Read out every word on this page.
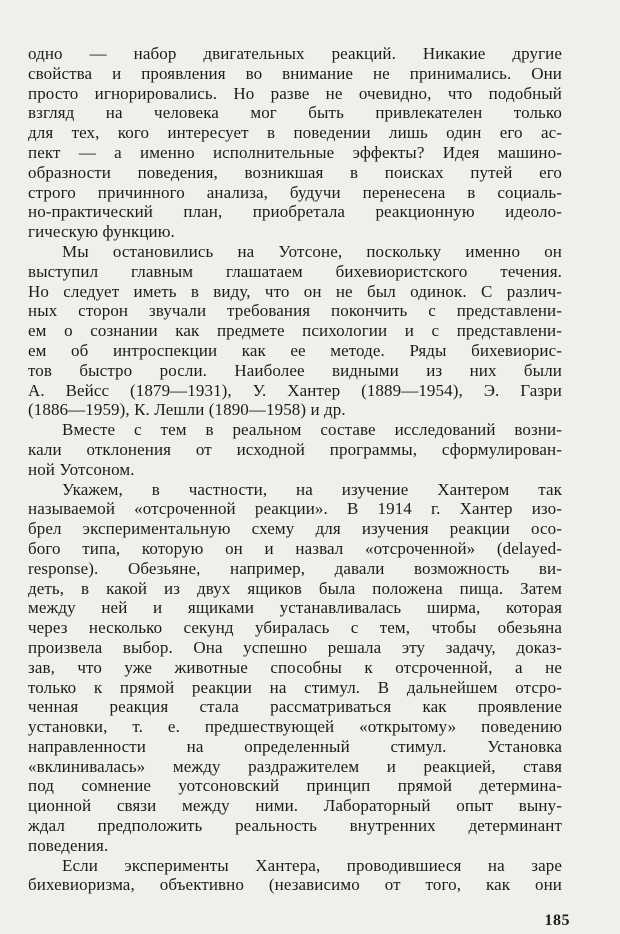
одно — набор двигательных реакций. Никакие другие
свойства и проявления во внимание не принимались. Они
просто игнорировались. Но разве не очевидно, что подобный
взгляд на человека мог быть привлекателен только
для тех, кого интересует в поведении лишь один его ас-
пект — а именно исполнительные эффекты? Идея машино-
образности поведения, возникшая в поисках путей его
строго причинного анализа, будучи перенесена в социаль-
но-практический план, приобретала реакционную идеоло-
гическую функцию.
Мы остановились на Уотсоне, поскольку именно он
выступил главным глашатаем бихевиористского течения.
Но следует иметь в виду, что он не был одинок. С различ-
ных сторон звучали требования покончить с представлени-
ем о сознании как предмете психологии и с представлени-
ем об интроспекции как ее методе. Ряды бихевиорис-
тов быстро росли. Наиболее видными из них были
А. Вейсс (1879—1931), У. Хантер (1889—1954), Э. Газри
(1886—1959), К. Лешли (1890—1958) и др.
Вместе с тем в реальном составе исследований возни-
кали отклонения от исходной программы, сформулирован-
ной Уотсоном.
Укажем, в частности, на изучение Хантером так
называемой «отсроченной реакции». В 1914 г. Хантер изо-
брел экспериментальную схему для изучения реакции осо-
бого типа, которую он и назвал «отсроченной» (delayed-
response). Обезьяне, например, давали возможность ви-
деть, в какой из двух ящиков была положена пища. Затем
между ней и ящиками устанавливалась ширма, которая
через несколько секунд убиралась с тем, чтобы обезьяна
произвела выбор. Она успешно решала эту задачу, доказ-
зав, что уже животные способны к отсроченной, а не
только к прямой реакции на стимул. В дальнейшем отсро-
ченная реакция стала рассматриваться как проявление
установки, т. е. предшествующей «открытому» поведению
направленности на определенный стимул. Установка
«вклинивалась» между раздражителем и реакцией, ставя
под сомнение уотсоновский принцип прямой детермина-
ционной связи между ними. Лабораторный опыт выну-
ждал предположить реальность внутренних детерминант
поведения.
Если эксперименты Хантера, проводившиеся на заре
бихевиоризма, объективно (независимо от того, как они
185
